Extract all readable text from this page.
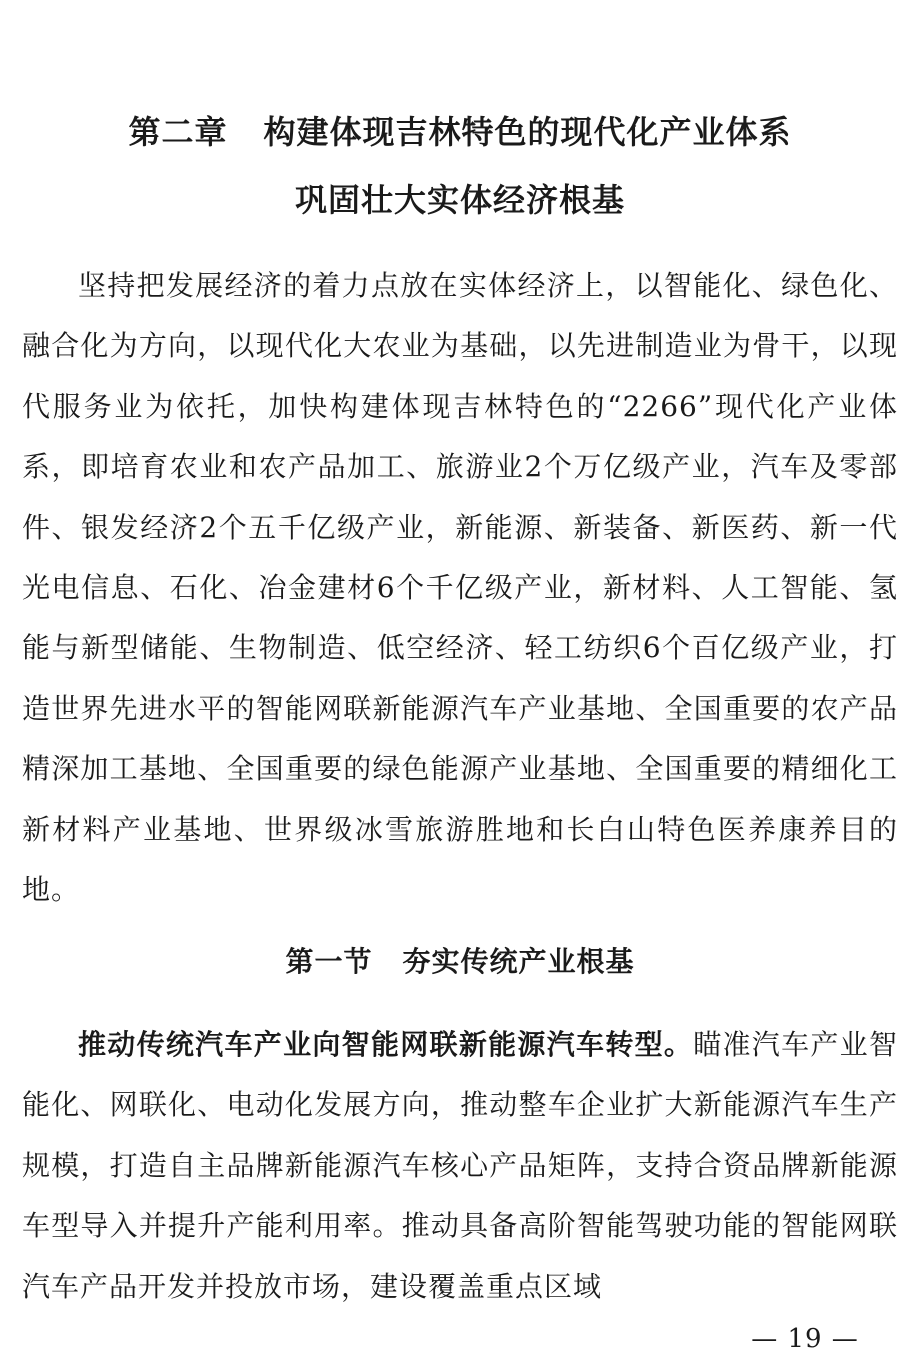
第二章 构建体现吉林特色的现代化产业体系
巩固壮大实体经济根基

坚持把发展经济的着力点放在实体经济上，以智能化、绿色化、融合化为方向，以现代化大农业为基础，以先进制造业为骨干，以现代服务业为依托，加快构建体现吉林特色的“2266”现代化产业体系，即培育农业和农产品加工、旅游业2个万亿级产业，汽车及零部件、银发经济2个五千亿级产业，新能源、新装备、新医药、新一代光电信息、石化、冶金建材6个千亿级产业，新材料、人工智能、氢能与新型储能、生物制造、低空经济、轻工纺织6个百亿级产业，打造世界先进水平的智能网联新能源汽车产业基地、全国重要的农产品精深加工基地、全国重要的绿色能源产业基地、全国重要的精细化工新材料产业基地、世界级冰雪旅游胜地和长白山特色医养康养目的地。

第一节 夯实传统产业根基

推动传统汽车产业向智能网联新能源汽车转型。瞄准汽车产业智能化、网联化、电动化发展方向，推动整车企业扩大新能源汽车生产规模，打造自主品牌新能源汽车核心产品矩阵，支持合资品牌新能源车型导入并提升产能利用率。推动具备高阶智能驾驶功能的智能网联汽车产品开发并投放市场，建设覆盖重点区域

— 19 —
